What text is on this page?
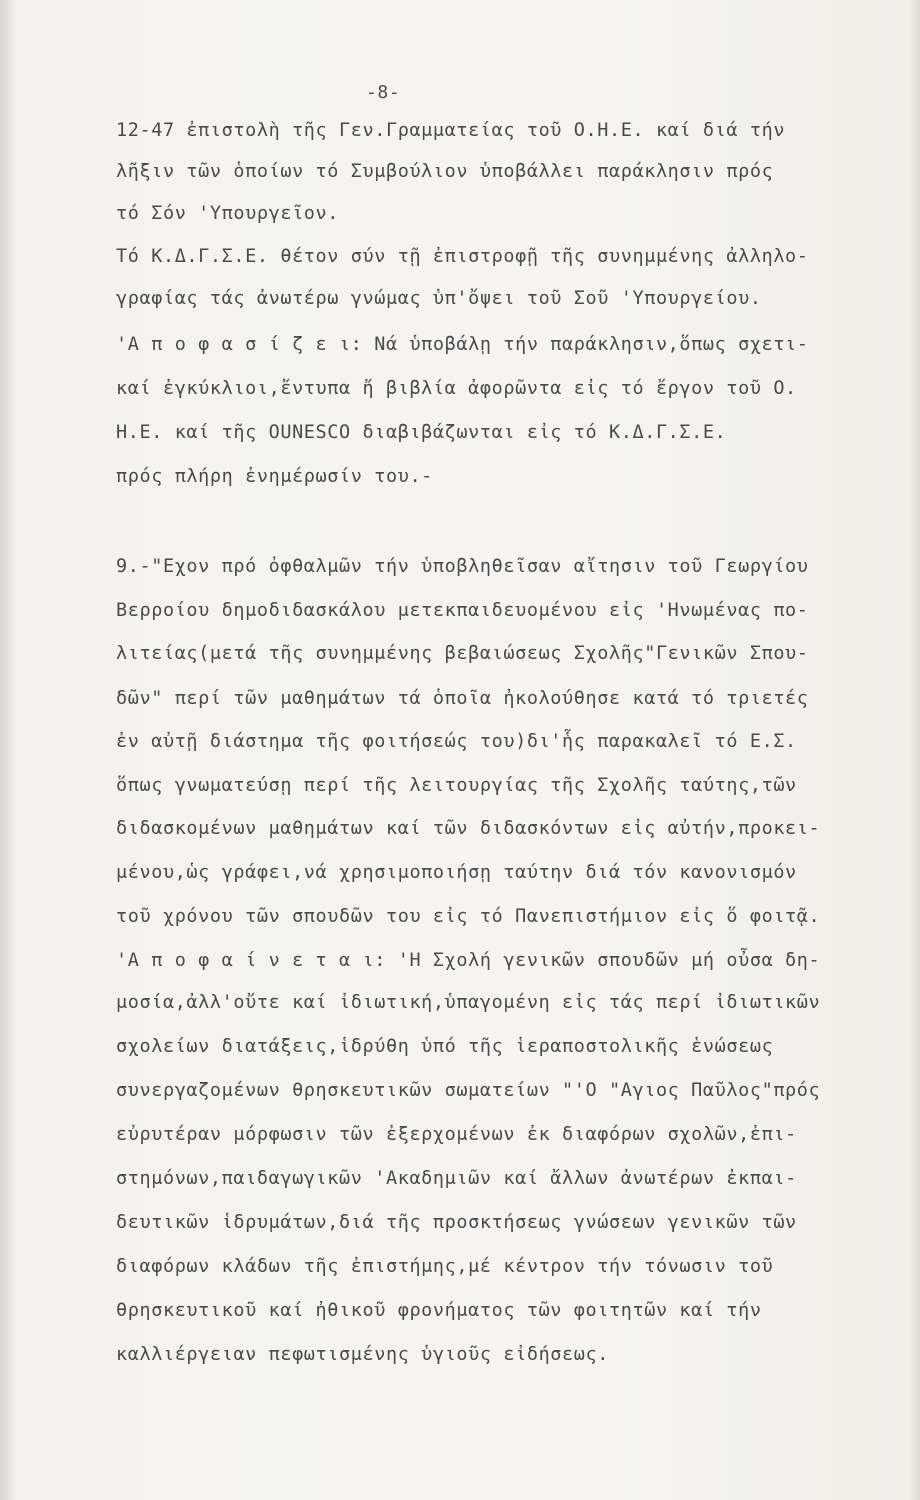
-8-
12-47 ἐπιστολὴ τῆς Γεν.Γραμματείας τοῦ Ο.Η.Ε. καί διά τήν
λῆξιν τῶν ὁποίων τό Συμβούλιον ὑποβάλλει παράκλησιν πρός
τό Σόν 'Υπουργεῖον.
Τό Κ.Δ.Γ.Σ.Ε. θέτον σύν τῇ ἐπιστροφῇ τῆς συνημμένης ἀλληλο-
γραφίας τάς ἀνωτέρω γνώμας ὑπ'ὄψει τοῦ Σοῦ 'Υπουργείου.
'Α π ο φ α σ ί ζ ε ι: Νά ὑποβάλῃ τήν παράκλησιν,ὅπως σχετι-
καί ἐγκύκλιοι,ἔντυπα ἤ βιβλία ἀφορῶντα εἰς τό ἔργον τοῦ Ο.
Η.Ε. καί τῆς ОUNESCO διαβιβάζωνται εἰς τό Κ.Δ.Γ.Σ.Ε.
πρός πλήρη ἐνημέρωσίν του.-
9.-"Εχον πρό ὀφθαλμῶν τήν ὑποβληθεῖσαν αἴτησιν τοῦ Γεωργίου
Βερροίου δημοδιδασκάλου μετεκπαιδευομένου εἰς 'Ηνωμένας πο-
λιτείας(μετά τῆς συνημμένης βεβαιώσεως Σχολῆς"Γενικῶν Σπου-
δῶν" περί τῶν μαθημάτων τά ὁποῖα ἠκολούθησε κατά τό τριετές
ἐν αὐτῇ διάστημα τῆς φοιτήσεώς του)δι'ἧς παρακαλεῖ τό Ε.Σ.
ὅπως γνωματεύσῃ περί τῆς λειτουργίας τῆς Σχολῆς ταύτης,τῶν
διδασκομένων μαθημάτων καί τῶν διδασκόντων εἰς αὐτήν,προκει-
μένου,ὡς γράφει,νά χρησιμοποιήσῃ ταύτην διά τόν κανονισμόν
τοῦ χρόνου τῶν σπουδῶν του εἰς τό Πανεπιστήμιον εἰς ὅ φοιτᾷ.
'Α π ο φ α ί ν ε τ α ι: 'Η Σχολή γενικῶν σπουδῶν μή οὖσα δη-
μοσία,ἀλλ'οὔτε καί ἰδιωτική,ὑπαγομένη εἰς τάς περί ἰδιωτικῶν
σχολείων διατάξεις,ἱδρύθη ὑπό τῆς ἱεραποστολικῆς ἑνώσεως
συνεργαζομένων θρησκευτικῶν σωματείων "'Ο "Αγιος Παῦλος"πρός
εὐρυτέραν μόρφωσιν τῶν ἐξερχομένων ἐκ διαφόρων σχολῶν,ἐπι-
στημόνων,παιδαγωγικῶν 'Ακαδημιῶν καί ἄλλων ἀνωτέρων ἐκπαι-
δευτικῶν ἱδρυμάτων,διά τῆς προσκτήσεως γνώσεων γενικῶν τῶν
διαφόρων κλάδων τῆς ἐπιστήμης,μέ κέντρον τήν τόνωσιν τοῦ
θρησκευτικοῦ καί ἠθικοῦ φρονήματος τῶν φοιτητῶν καί τήν
καλλιέργειαν πεφωτισμένης ὑγιοῦς εἰδήσεως.
